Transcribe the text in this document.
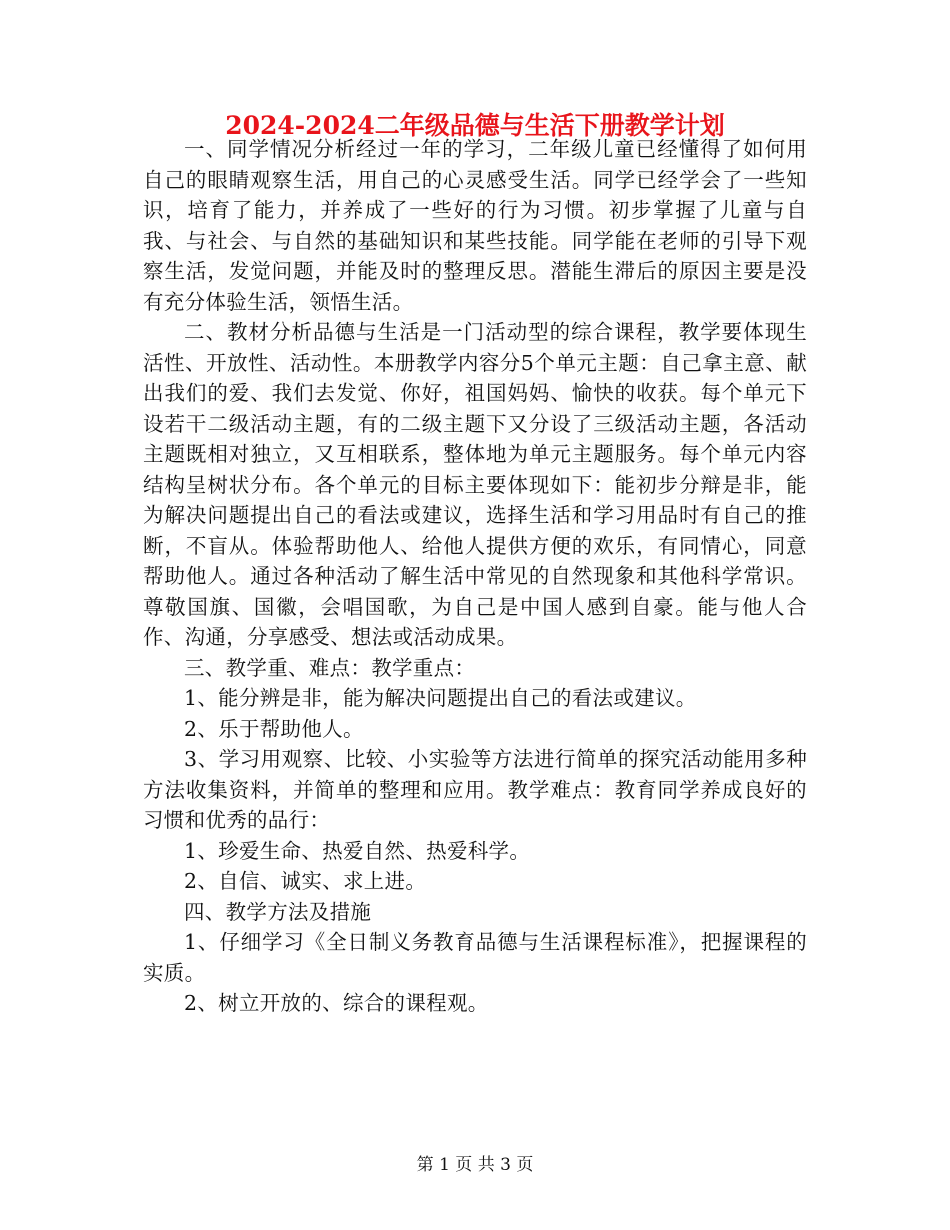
2024-2024二年级品德与生活下册教学计划

一、同学情况分析经过一年的学习，二年级儿童已经懂得了如何用自己的眼睛观察生活，用自己的心灵感受生活。同学已经学会了一些知识，培育了能力，并养成了一些好的行为习惯。初步掌握了儿童与自我、与社会、与自然的基础知识和某些技能。同学能在老师的引导下观察生活，发觉问题，并能及时的整理反思。潜能生滞后的原因主要是没有充分体验生活，领悟生活。

二、教材分析品德与生活是一门活动型的综合课程，教学要体现生活性、开放性、活动性。本册教学内容分5个单元主题：自己拿主意、献出我们的爱、我们去发觉、你好，祖国妈妈、愉快的收获。每个单元下设若干二级活动主题，有的二级主题下又分设了三级活动主题，各活动主题既相对独立，又互相联系，整体地为单元主题服务。每个单元内容结构呈树状分布。各个单元的目标主要体现如下：能初步分辩是非，能为解决问题提出自己的看法或建议，选择生活和学习用品时有自己的推断，不盲从。体验帮助他人、给他人提供方便的欢乐，有同情心，同意帮助他人。通过各种活动了解生活中常见的自然现象和其他科学常识。尊敬国旗、国徽，会唱国歌，为自己是中国人感到自豪。能与他人合作、沟通，分享感受、想法或活动成果。

三、教学重、难点：教学重点：

1、能分辨是非，能为解决问题提出自己的看法或建议。

2、乐于帮助他人。

3、学习用观察、比较、小实验等方法进行简单的探究活动能用多种方法收集资料，并简单的整理和应用。教学难点：教育同学养成良好的习惯和优秀的品行：

1、珍爱生命、热爱自然、热爱科学。

2、自信、诚实、求上进。

四、教学方法及措施

1、仔细学习《全日制义务教育品德与生活课程标准》，把握课程的实质。

2、树立开放的、综合的课程观。

第 1 页 共 3 页
